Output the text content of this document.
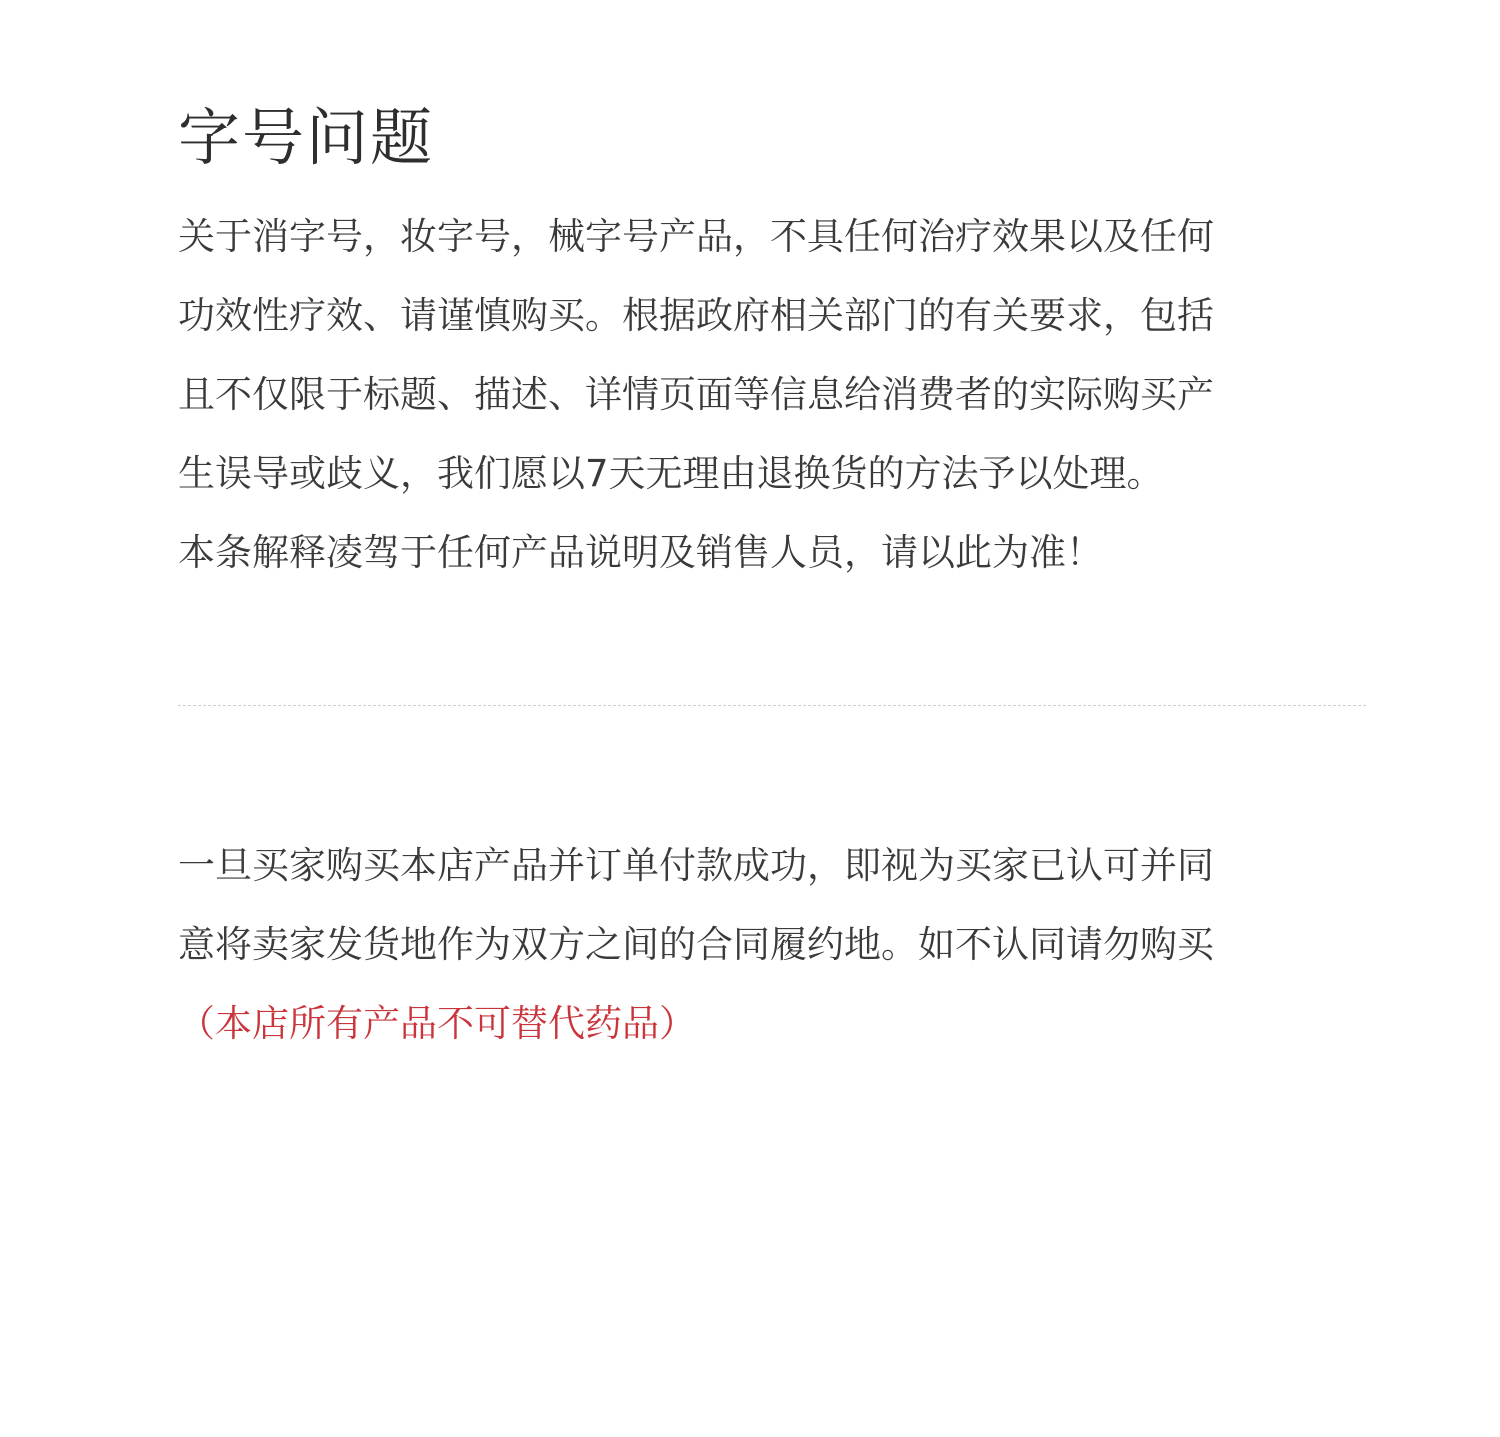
字号问题
关于消字号，妆字号，械字号产品，不具任何治疗效果以及任何
功效性疗效、请谨慎购买。根据政府相关部门的有关要求，包括
且不仅限于标题、描述、详情页面等信息给消费者的实际购买产
生误导或歧义，我们愿以7天无理由退换货的方法予以处理。
本条解释凌驾于任何产品说明及销售人员，请以此为准！
一旦买家购买本店产品并订单付款成功，即视为买家已认可并同
意将卖家发货地作为双方之间的合同履约地。如不认同请勿购买
（本店所有产品不可替代药品）
